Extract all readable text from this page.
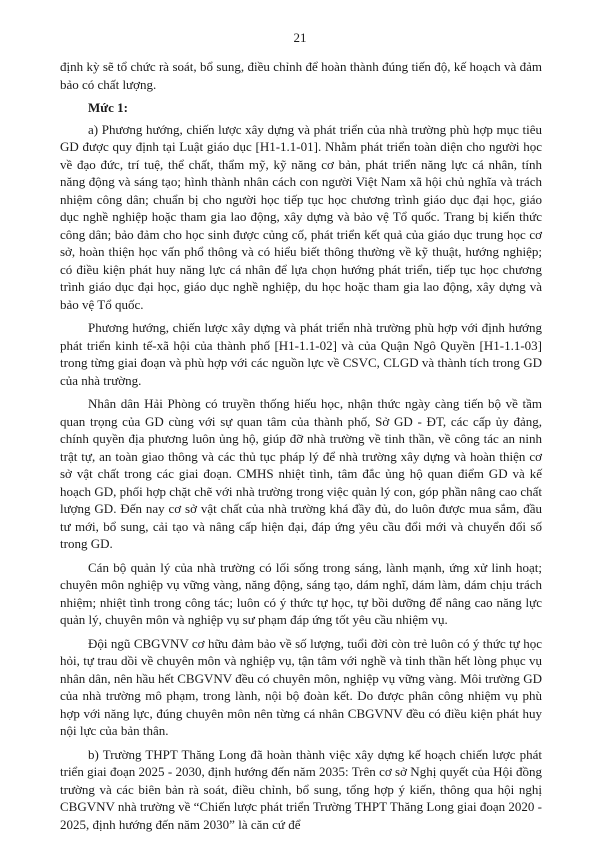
21

định kỳ sẽ tổ chức rà soát, bổ sung, điều chỉnh để hoàn thành đúng tiến độ, kế hoạch và đảm bảo có chất lượng.

Mức 1:

a) Phương hướng, chiến lược xây dựng và phát triển của nhà trường phù hợp mục tiêu GD được quy định tại Luật giáo dục [H1-1.1-01]. Nhằm phát triển toàn diện cho người học về đạo đức, trí tuệ, thể chất, thẩm mỹ, kỹ năng cơ bản, phát triển năng lực cá nhân, tính năng động và sáng tạo; hình thành nhân cách con người Việt Nam xã hội chủ nghĩa và trách nhiệm công dân; chuẩn bị cho người học tiếp tục học chương trình giáo dục đại học, giáo dục nghề nghiệp hoặc tham gia lao động, xây dựng và bảo vệ Tổ quốc. Trang bị kiến thức công dân; bảo đảm cho học sinh được củng cố, phát triển kết quả của giáo dục trung học cơ sở, hoàn thiện học vấn phổ thông và có hiểu biết thông thường về kỹ thuật, hướng nghiệp; có điều kiện phát huy năng lực cá nhân để lựa chọn hướng phát triển, tiếp tục học chương trình giáo dục đại học, giáo dục nghề nghiệp, du học hoặc tham gia lao động, xây dựng và bảo vệ Tổ quốc.

Phương hướng, chiến lược xây dựng và phát triển nhà trường phù hợp với định hướng phát triển kinh tế-xã hội của thành phố [H1-1.1-02] và của Quận Ngô Quyền [H1-1.1-03] trong từng giai đoạn và phù hợp với các nguồn lực về CSVC, CLGD và thành tích trong GD của nhà trường.

Nhân dân Hải Phòng có truyền thống hiếu học, nhận thức ngày càng tiến bộ về tầm quan trọng của GD cùng với sự quan tâm của thành phố, Sở GD - ĐT, các cấp ủy đảng, chính quyền địa phương luôn ủng hộ, giúp đỡ nhà trường về tinh thần, về công tác an ninh trật tự, an toàn giao thông và các thủ tục pháp lý để nhà trường xây dựng và hoàn thiện cơ sở vật chất trong các giai đoạn. CMHS nhiệt tình, tâm đắc ủng hộ quan điểm GD và kế hoạch GD, phối hợp chặt chẽ với nhà trường trong việc quản lý con, góp phần nâng cao chất lượng GD. Đến nay cơ sở vật chất của nhà trường khá đầy đủ, do luôn được mua sắm, đầu tư mới, bổ sung, cải tạo và nâng cấp hiện đại, đáp ứng yêu cầu đổi mới và chuyển đổi số trong GD.

Cán bộ quản lý của nhà trường có lối sống trong sáng, lành mạnh, ứng xử linh hoạt; chuyên môn nghiệp vụ vững vàng, năng động, sáng tạo, dám nghĩ, dám làm, dám chịu trách nhiệm; nhiệt tình trong công tác; luôn có ý thức tự học, tự bồi dưỡng để nâng cao năng lực quản lý, chuyên môn và nghiệp vụ sư phạm đáp ứng tốt yêu cầu nhiệm vụ.

Đội ngũ CBGVNV cơ hữu đảm bảo về số lượng, tuổi đời còn trẻ luôn có ý thức tự học hỏi, tự trau dồi về chuyên môn và nghiệp vụ, tận tâm với nghề và tinh thần hết lòng phục vụ nhân dân, nên hầu hết CBGVNV đều có chuyên môn, nghiệp vụ vững vàng. Môi trường GD của nhà trường mô phạm, trong lành, nội bộ đoàn kết. Do được phân công nhiệm vụ phù hợp với năng lực, đúng chuyên môn nên từng cá nhân CBGVNV đều có điều kiện phát huy nội lực của bản thân.

b) Trường THPT Thăng Long đã hoàn thành việc xây dựng kế hoạch chiến lược phát triển giai đoạn 2025 - 2030, định hướng đến năm 2035: Trên cơ sở Nghị quyết của Hội đồng trường và các biên bản rà soát, điều chỉnh, bổ sung, tổng hợp ý kiến, thông qua hội nghị CBGVNV nhà trường về “Chiến lược phát triển Trường THPT Thăng Long giai đoạn 2020 - 2025, định hướng đến năm 2030” là căn cứ để
